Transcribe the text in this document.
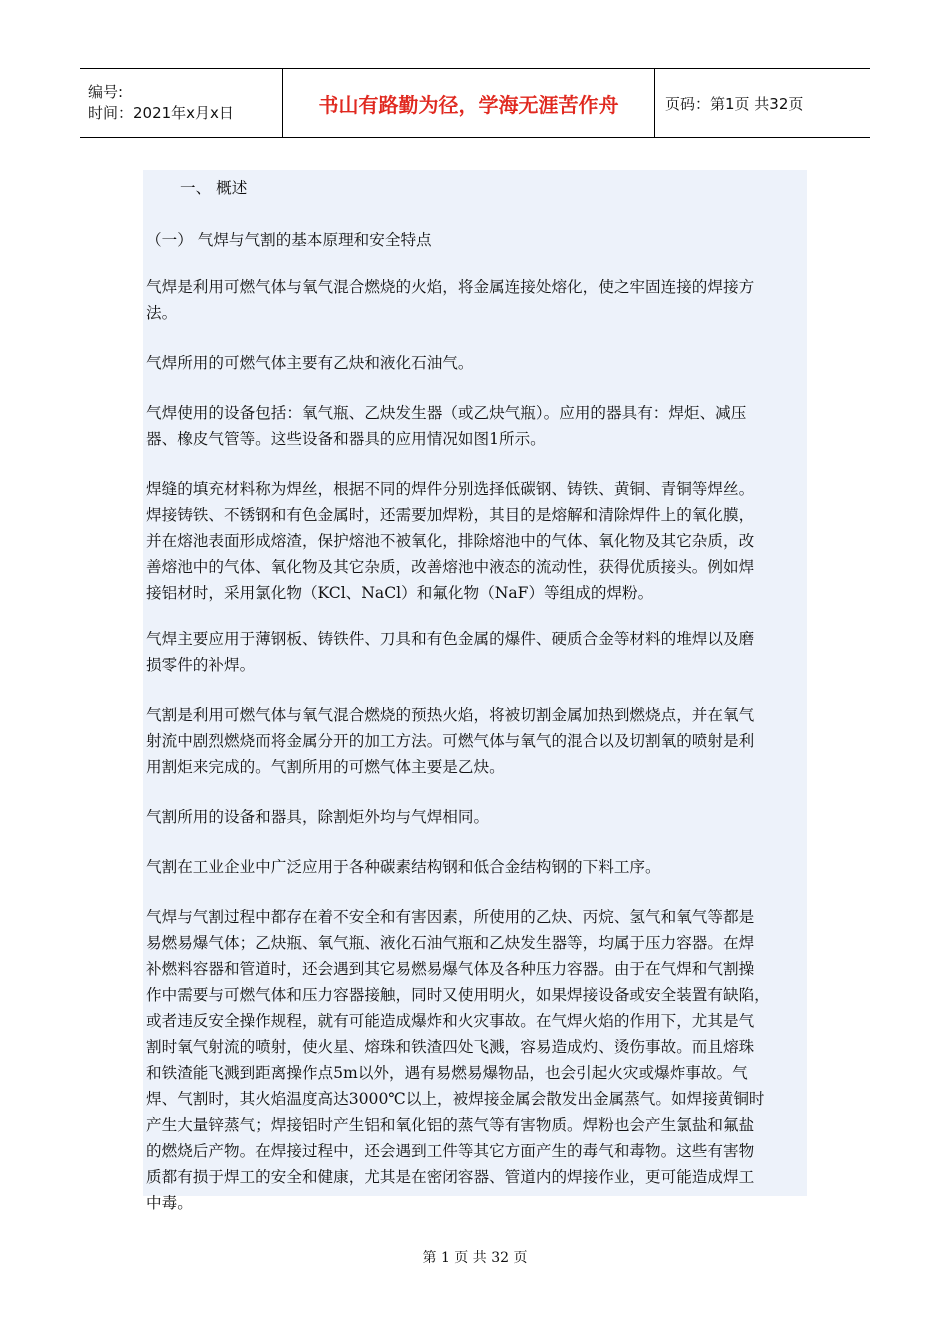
编号:
时间：2021年x月x日	书山有路勤为径，学海无涯苦作舟	页码：第1页 共32页
一、 概述
（一） 气焊与气割的基本原理和安全特点
气焊是利用可燃气体与氧气混合燃烧的火焰，将金属连接处熔化，使之牢固连接的焊接方
法。
气焊所用的可燃气体主要有乙炔和液化石油气。
气焊使用的设备包括：氧气瓶、乙炔发生器（或乙炔气瓶）。应用的器具有：焊炬、减压
器、橡皮气管等。这些设备和器具的应用情况如图1所示。
焊缝的填充材料称为焊丝，根据不同的焊件分别选择低碳钢、铸铁、黄铜、青铜等焊丝。
焊接铸铁、不锈钢和有色金属时，还需要加焊粉，其目的是熔解和清除焊件上的氧化膜，
并在熔池表面形成熔渣，保护熔池不被氧化，排除熔池中的气体、氧化物及其它杂质，改
善熔池中的气体、氧化物及其它杂质，改善熔池中液态的流动性，获得优质接头。例如焊
接铝材时，采用氯化物（KCl、NaCl）和氟化物（NaF）等组成的焊粉。
气焊主要应用于薄钢板、铸铁件、刀具和有色金属的爆件、硬质合金等材料的堆焊以及磨
损零件的补焊。
气割是利用可燃气体与氧气混合燃烧的预热火焰，将被切割金属加热到燃烧点，并在氧气
射流中剧烈燃烧而将金属分开的加工方法。可燃气体与氧气的混合以及切割氧的喷射是利
用割炬来完成的。气割所用的可燃气体主要是乙炔。
气割所用的设备和器具，除割炬外均与气焊相同。
气割在工业企业中广泛应用于各种碳素结构钢和低合金结构钢的下料工序。
气焊与气割过程中都存在着不安全和有害因素，所使用的乙炔、丙烷、氢气和氧气等都是
易燃易爆气体；乙炔瓶、氧气瓶、液化石油气瓶和乙炔发生器等，均属于压力容器。在焊
补燃料容器和管道时，还会遇到其它易燃易爆气体及各种压力容器。由于在气焊和气割操
作中需要与可燃气体和压力容器接触，同时又使用明火，如果焊接设备或安全装置有缺陷，
或者违反安全操作规程，就有可能造成爆炸和火灾事故。在气焊火焰的作用下，尤其是气
割时氧气射流的喷射，使火星、熔珠和铁渣四处飞溅，容易造成灼、烫伤事故。而且熔珠
和铁渣能飞溅到距离操作点5m以外，遇有易燃易爆物品，也会引起火灾或爆炸事故。气
焊、气割时，其火焰温度高达3000℃以上，被焊接金属会散发出金属蒸气。如焊接黄铜时
产生大量锌蒸气；焊接铝时产生铝和氧化铝的蒸气等有害物质。焊粉也会产生氯盐和氟盐
的燃烧后产物。在焊接过程中，还会遇到工件等其它方面产生的毒气和毒物。这些有害物
质都有损于焊工的安全和健康，尤其是在密闭容器、管道内的焊接作业，更可能造成焊工
中毒。
第 1 页 共 32 页
